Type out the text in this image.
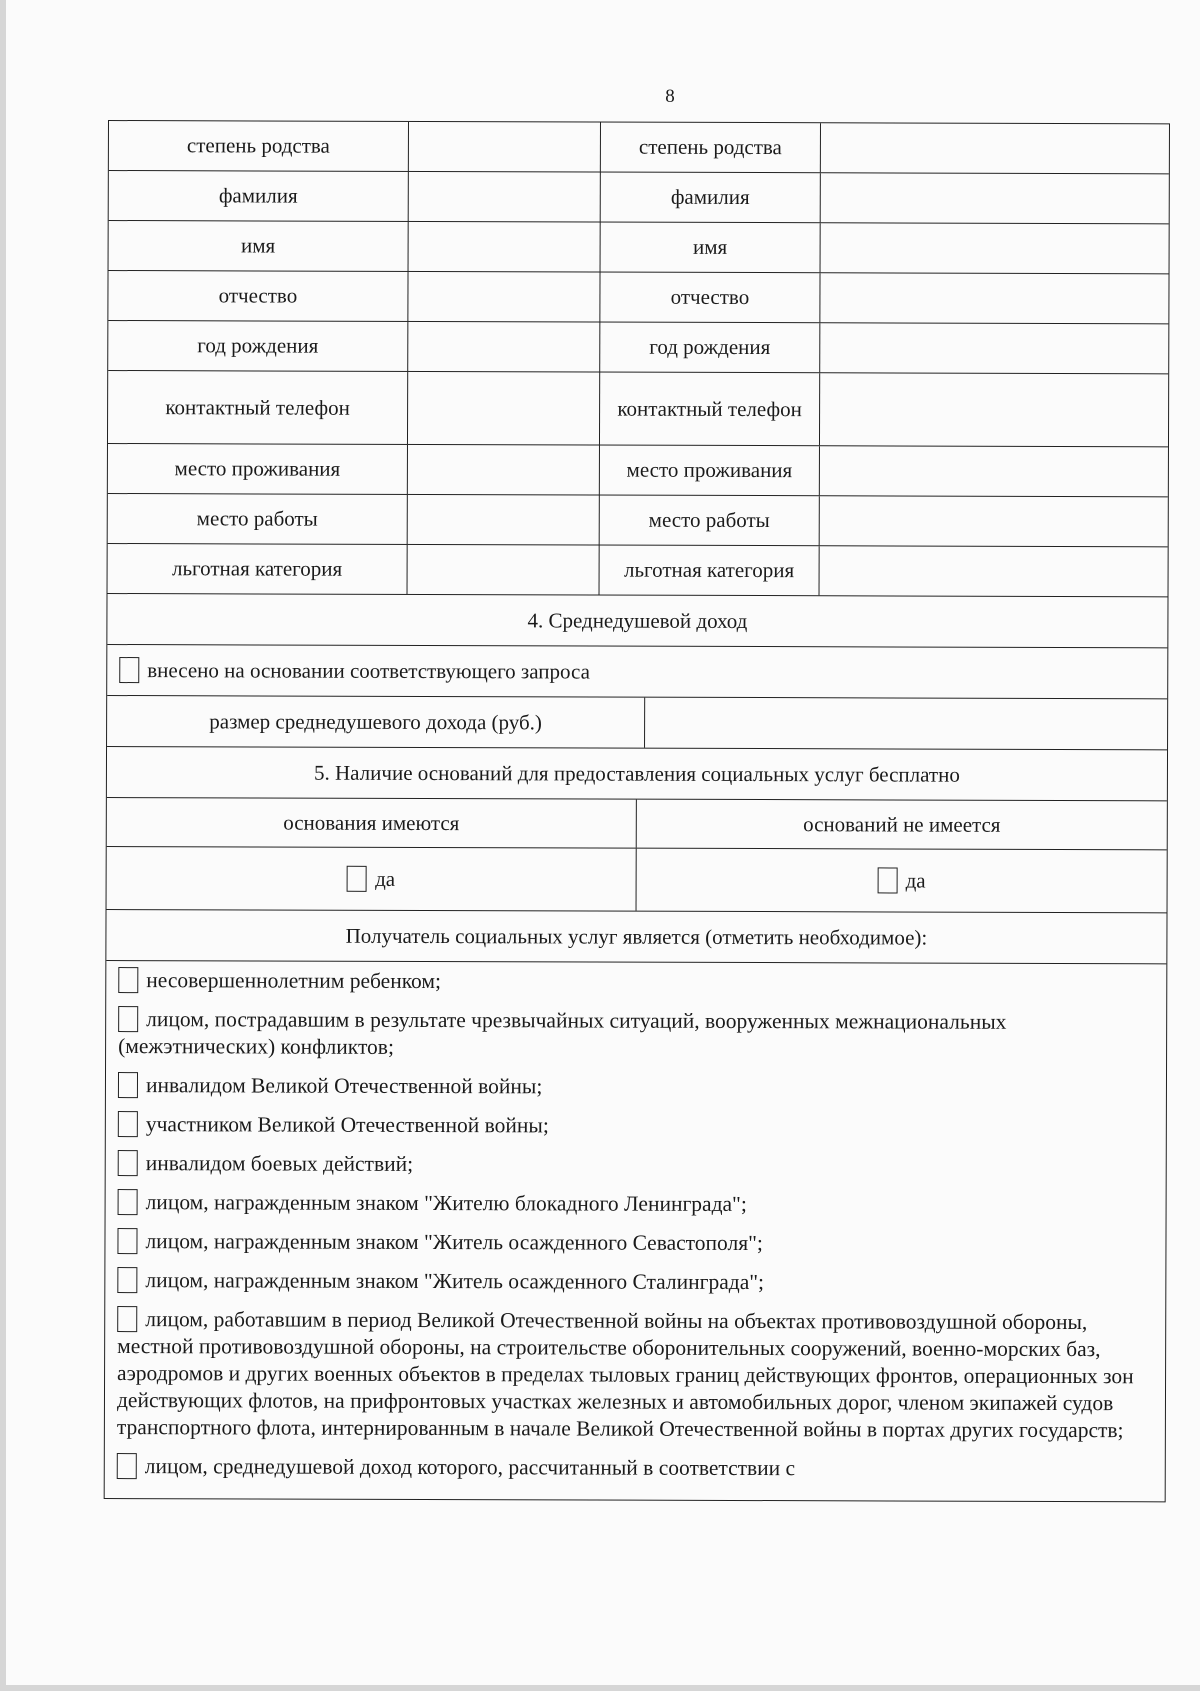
8
степень родства	степень родства
фамилия	фамилия
имя	имя
отчество	отчество
год рождения	год рождения
контактный телефон	контактный телефон
место проживания	место проживания
место работы	место работы
льготная категория	льготная категория
4. Среднедушевой доход
внесено на основании соответствующего запроса
размер среднедушевого дохода (руб.)
5. Наличие оснований для предоставления социальных услуг бесплатно
основания имеются	оснований не имеется
да	да
Получатель социальных услуг является (отметить необходимое):
несовершеннолетним ребенком;
лицом, пострадавшим в результате чрезвычайных ситуаций, вооруженных межнациональных (межэтнических) конфликтов;
инвалидом Великой Отечественной войны;
участником Великой Отечественной войны;
инвалидом боевых действий;
лицом, награжденным знаком "Жителю блокадного Ленинграда";
лицом, награжденным знаком "Житель осажденного Севастополя";
лицом, награжденным знаком "Житель осажденного Сталинграда";
лицом, работавшим в период Великой Отечественной войны на объектах противовоздушной обороны, местной противовоздушной обороны, на строительстве оборонительных сооружений, военно-морских баз, аэродромов и других военных объектов в пределах тыловых границ действующих фронтов, операционных зон действующих флотов, на прифронтовых участках железных и автомобильных дорог, членом экипажей судов транспортного флота, интернированным в начале Великой Отечественной войны в портах других государств;
лицом, среднедушевой доход которого, рассчитанный в соответствии с
